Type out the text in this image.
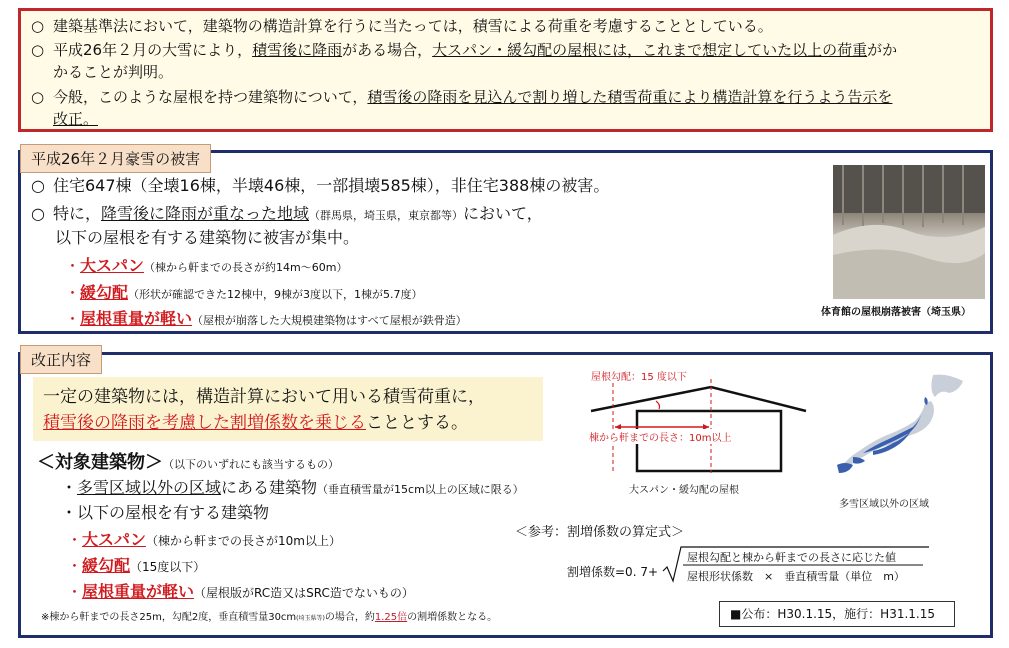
○ 建築基準法において，建築物の構造計算を行うに当たっては，積雪による荷重を考慮することとしている。
○ 平成26年２月の大雪により，積雪後に降雨がある場合，大スパン・緩勾配の屋根には，これまで想定していた以上の荷重がか
かることが判明。
○ 今般，このような屋根を持つ建築物について，積雪後の降雨を見込んで割り増した積雪荷重により構造計算を行うよう告示を
改正。
○ 住宅647棟（全壊16棟，半壊46棟，一部損壊585棟），非住宅388棟の被害。
○ 特に，降雪後に降雨が重なった地域（群馬県，埼玉県，東京都等）において，
以下の屋根を有する建築物に被害が集中。
・大スパン（棟から軒までの長さが約14m～60m）
・緩勾配（形状が確認できた12棟中，9棟が3度以下，1棟が5.7度）
・屋根重量が軽い（屋根が崩落した大規模建築物はすべて屋根が鉄骨造）
体育館の屋根崩落被害（埼玉県）
平成26年２月豪雪の被害
一定の建築物には，構造計算において用いる積雪荷重に，
積雪後の降雨を考慮した割増係数を乗じることとする。
＜対象建築物＞（以下のいずれにも該当するもの）
・多雪区域以外の区域にある建築物（垂直積雪量が15cm以上の区域に限る）
・以下の屋根を有する建築物
・大スパン（棟から軒までの長さが10m以上）
・緩勾配（15度以下）
・屋根重量が軽い（屋根版がRC造又はSRC造でないもの）
※棟から軒までの長さ25m，勾配2度，垂直積雪量30cm(埼玉県等)の場合，約1.25倍の割増係数となる。
屋根勾配：15 度以下
棟から軒までの長さ：10m以上
大スパン・緩勾配の屋根
多雪区域以外の区域
＜参考：割増係数の算定式＞
割増係数=0. 7+
屋根勾配と棟から軒までの長さに応じた値
屋根形状係数　×　垂直積雪量（単位　m）
■公布：H30.1.15，施行：H31.1.15
改正内容
